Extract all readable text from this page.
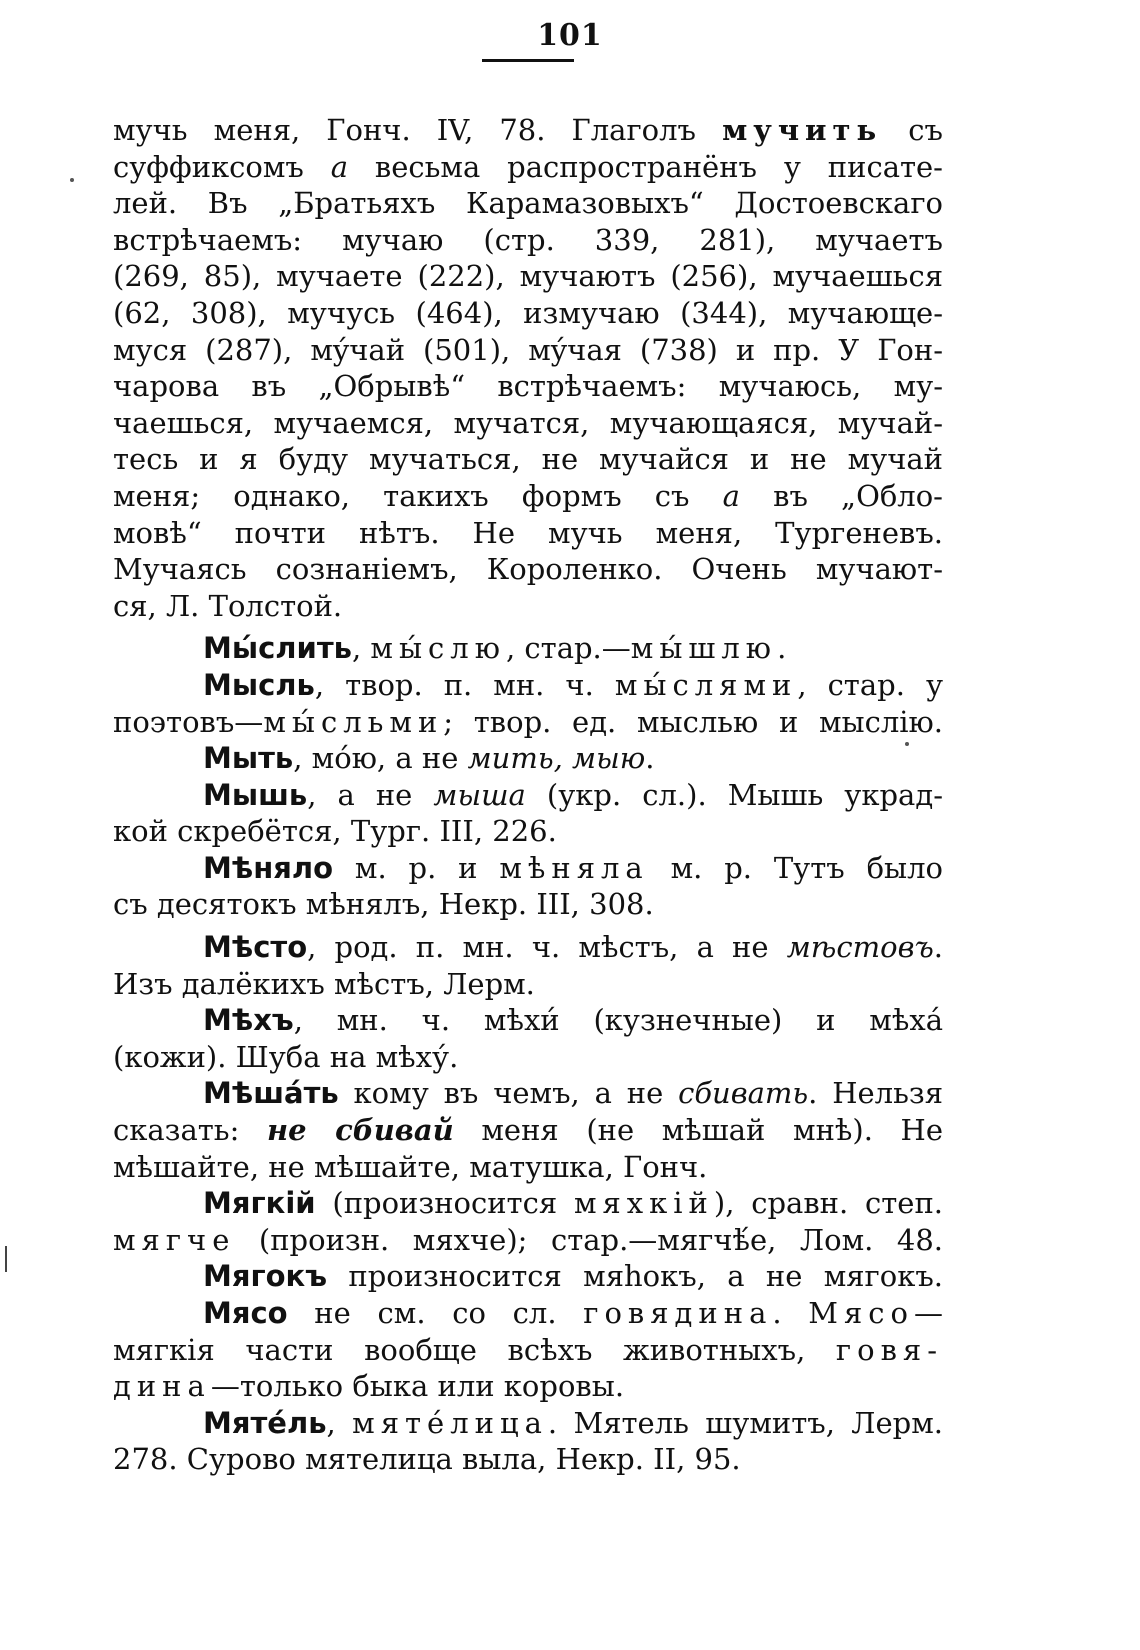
101
мучь меня, Гонч. IV, 78. Глаголъ мучить съ
суффиксомъ а весьма распространёнъ у писате-
лей. Въ „Братьяхъ Карамазовыхъ“ Достоевскаго
встрѣчаемъ: мучаю (стр. 339, 281), мучаетъ
(269, 85), мучаете (222), мучаютъ (256), мучаешься
(62, 308), мучусь (464), измучаю (344), мучающе-
муся (287), мýчай (501), мýчая (738) и пр. У Гон-
чарова въ „Обрывѣ“ встрѣчаемъ: мучаюсь, му-
чаешься, мучаемся, мучатся, мучающаяся, мучай-
тесь и я буду мучаться, не мучайся и не мучай
меня; однако, такихъ формъ съ а въ „Обло-
мовѣ“ почти нѣтъ. Не мучь меня, Тургеневъ.
Мучаясь сознаніемъ, Короленко. Очень мучают-
ся, Л. Толстой.
Мы́слить, мы́слю, стар.—мы́шлю.
Мысль, твор. п. мн. ч. мы́слями, стар. у
поэтовъ—мы́сльми; твор. ед. мыслью и мыслію.
Мыть, мóю, а не мить, мыю.
Мышь, а не мыша (укр. сл.). Мышь украд-
кой скребётся, Тург. III, 226.
Мѣняло м. р. и мѣняла м. р. Тутъ было
съ десятокъ мѣнялъ, Некр. III, 308.
Мѣсто, род. п. мн. ч. мѣстъ, а не мѣстовъ.
Изъ далёкихъ мѣстъ, Лерм.
Мѣхъ, мн. ч. мѣхи́ (кузнечные) и мѣха́
(кожи). Шуба на мѣху́.
Мѣша́ть кому въ чемъ, а не сбивать. Нельзя
сказать: не сбивай меня (не мѣшай мнѣ). Не
мѣшайте, не мѣшайте, матушка, Гонч.
Мягкій (произносится мяхкій), сравн. степ.
мягче (произн. мяхче); стар.—мягчѣ́е, Лом. 48.
Мягокъ произносится мяһокъ, а не мягокъ.
Мясо не см. со сл. говядина. Мясо—
мягкія части вообще всѣхъ животныхъ, говя-
дина—только быка или коровы.
Мяте́ль, мяте́лица. Мятель шумитъ, Лерм.
278. Сурово мятелица выла, Некр. II, 95.
